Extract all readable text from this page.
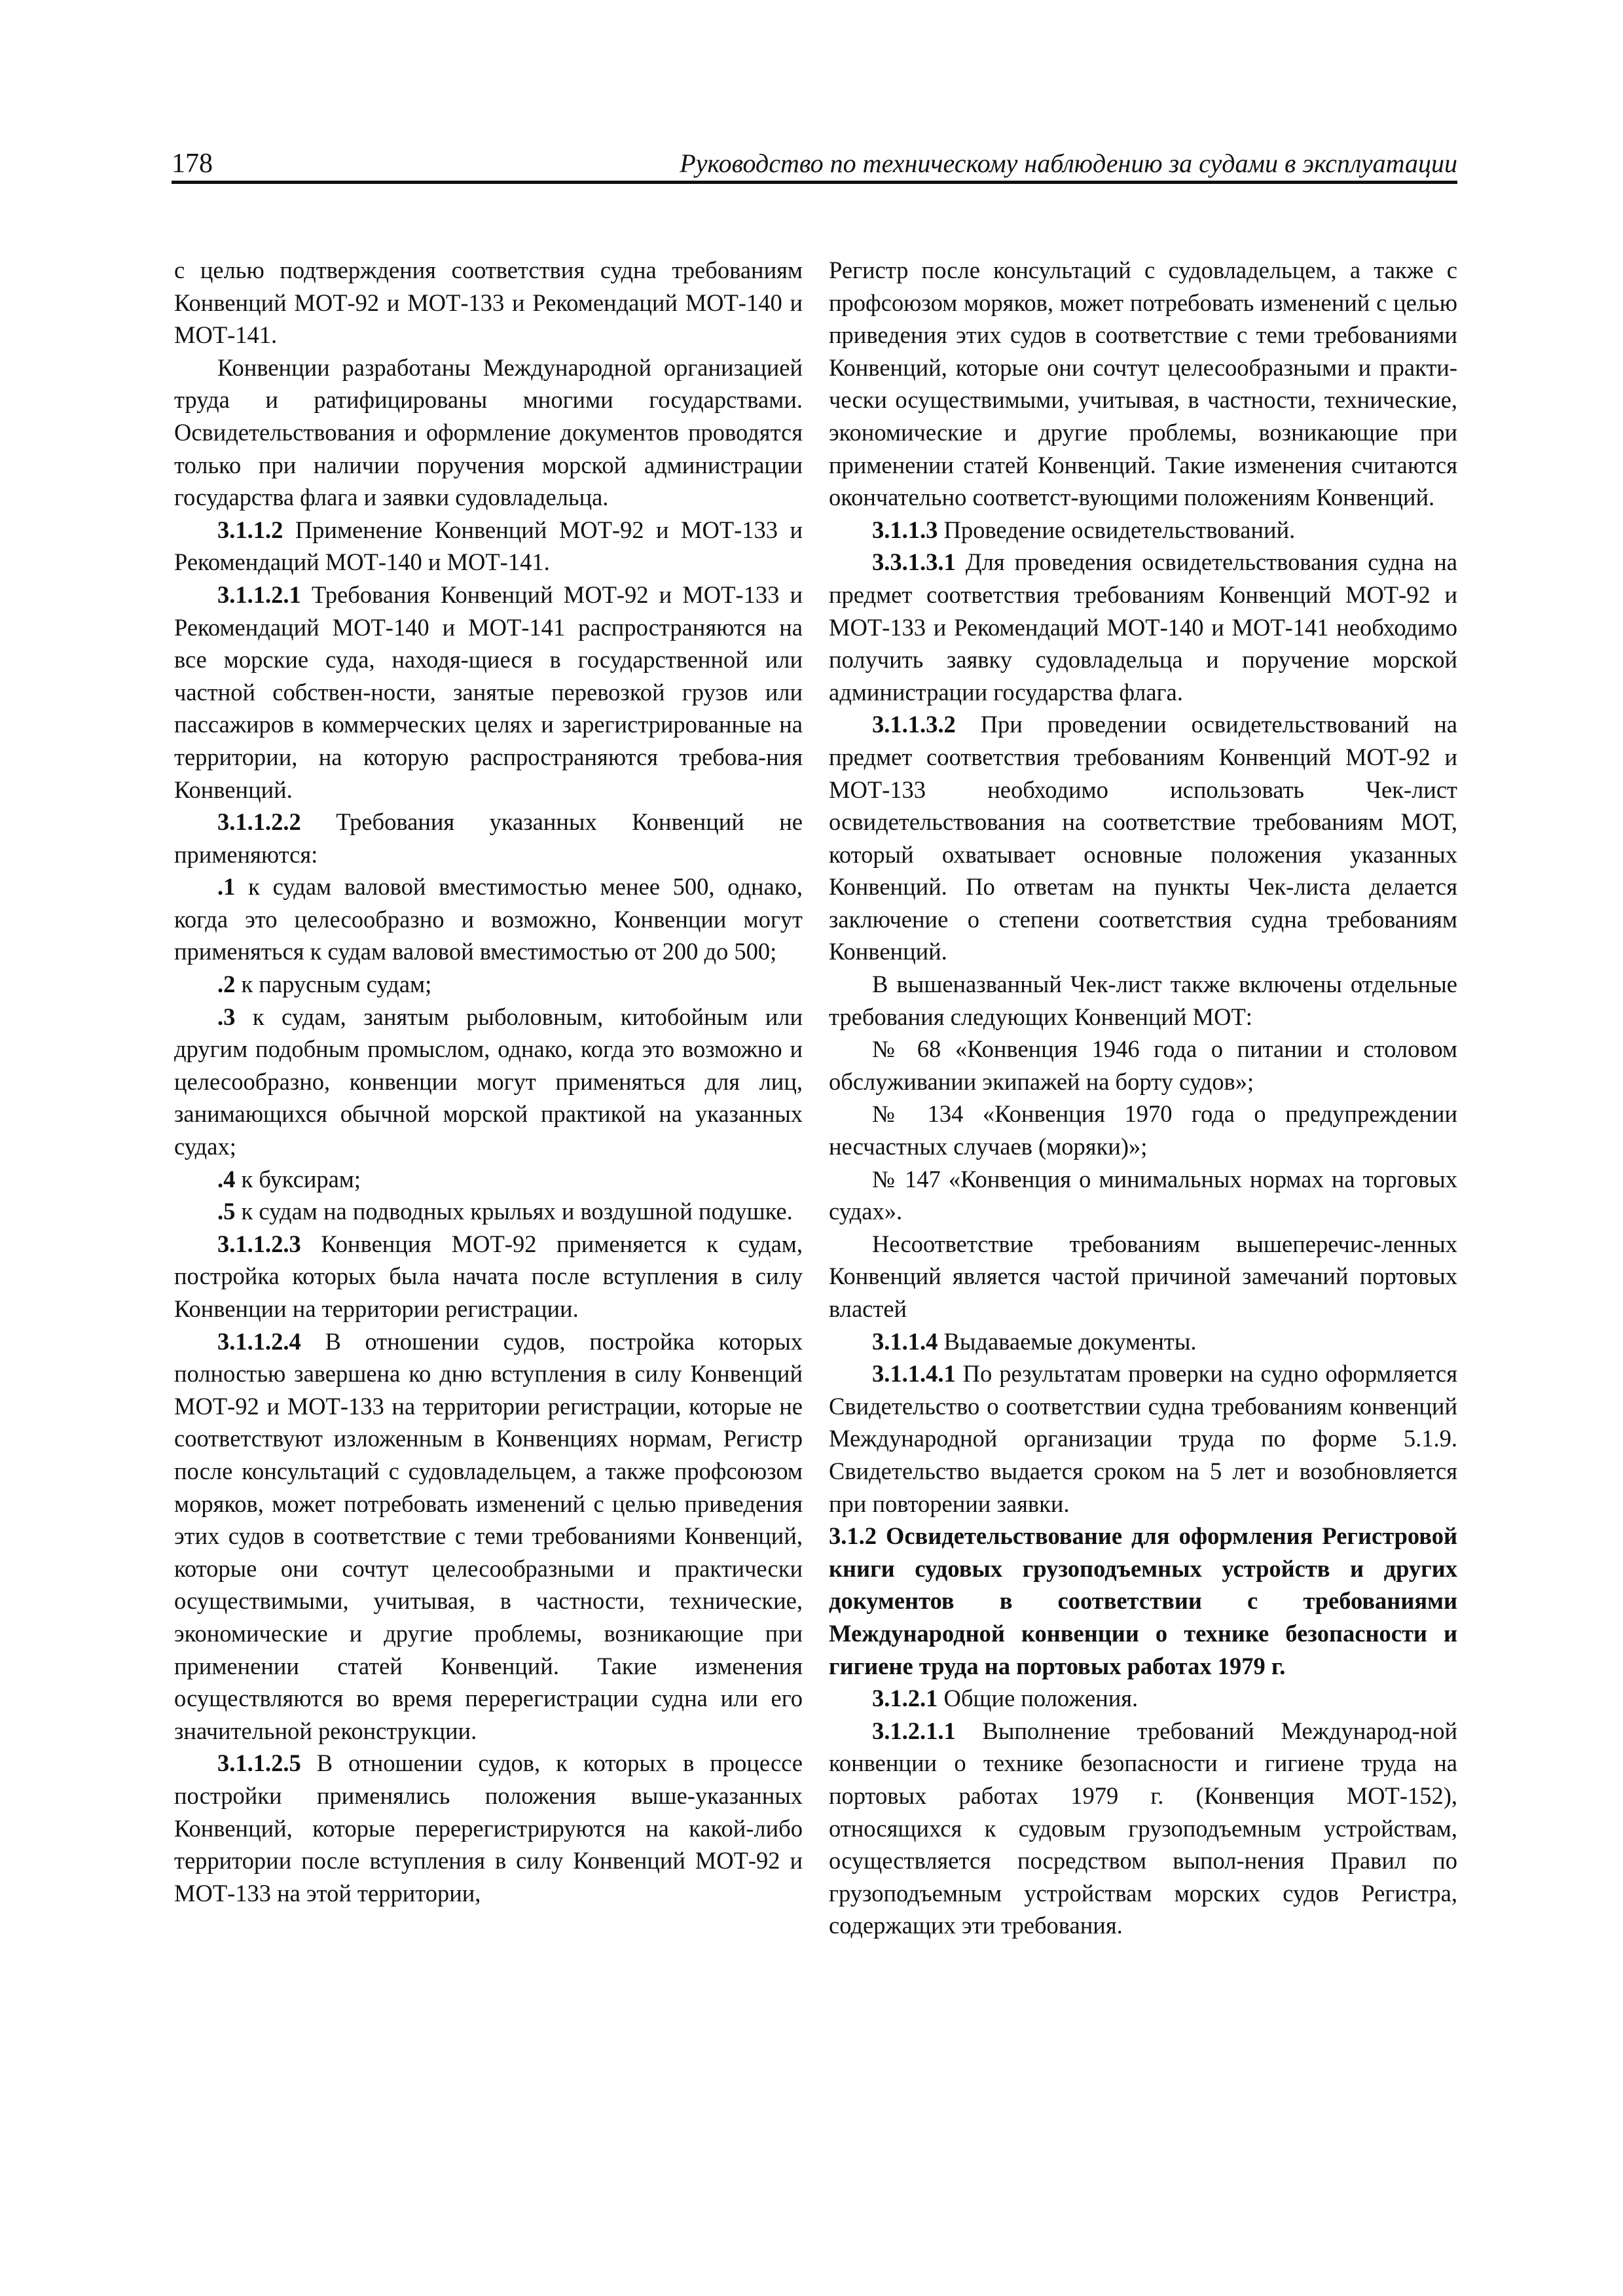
178	Руководство по техническому наблюдению за судами в эксплуатации

с целью подтверждения соответствия судна требованиям Конвенций МОТ-92 и МОТ-133 и Рекомендаций МОТ-140 и МОТ-141.

Конвенции разработаны Международной организацией труда и ратифицированы многими государствами. Освидетельствования и оформление документов проводятся только при наличии поручения морской администрации государства флага и заявки судовладельца.

3.1.1.2 Применение Конвенций МОТ-92 и МОТ-133 и Рекомендаций МОТ-140 и МОТ-141.

3.1.1.2.1 Требования Конвенций МОТ-92 и МОТ-133 и Рекомендаций МОТ-140 и МОТ-141 распространяются на все морские суда, находя-щиеся в государственной или частной собствен-ности, занятые перевозкой грузов или пассажиров в коммерческих целях и зарегистрированные на территории, на которую распространяются требова-ния Конвенций.

3.1.1.2.2 Требования указанных Конвенций не применяются:

.1 к судам валовой вместимостью менее 500, однако, когда это целесообразно и возможно, Конвенции могут применяться к судам валовой вместимостью от 200 до 500;

.2 к парусным судам;

.3 к судам, занятым рыболовным, китобойным или другим подобным промыслом, однако, когда это возможно и целесообразно, конвенции могут применяться для лиц, занимающихся обычной морской практикой на указанных судах;

.4 к буксирам;

.5 к судам на подводных крыльях и воздушной подушке.

3.1.1.2.3 Конвенция МОТ-92 применяется к судам, постройка которых была начата после вступления в силу Конвенции на территории регистрации.

3.1.1.2.4 В отношении судов, постройка которых полностью завершена ко дню вступления в силу Конвенций МОТ-92 и МОТ-133 на территории регистрации, которые не соответствуют изложенным в Конвенциях нормам, Регистр после консультаций с судовладельцем, а также профсоюзом моряков, может потребовать изменений с целью приведения этих судов в соответствие с теми требованиями Конвенций, которые они сочтут целесообразными и практически осуществимыми, учитывая, в частности, технические, экономические и другие проблемы, возникающие при применении статей Конвенций. Такие изменения осуществляются во время перерегистрации судна или его значительной реконструкции.

3.1.1.2.5 В отношении судов, к которых в процессе постройки применялись положения выше-указанных Конвенций, которые перерегистрируются на какой-либо территории после вступления в силу Конвенций МОТ-92 и МОТ-133 на этой территории,

Регистр после консультаций с судовладельцем, а также с профсоюзом моряков, может потребовать изменений с целью приведения этих судов в соответствие с теми требованиями Конвенций, которые они сочтут целесообразными и практи-чески осуществимыми, учитывая, в частности, технические, экономические и другие проблемы, возникающие при применении статей Конвенций. Такие изменения считаются окончательно соответст-вующими положениям Конвенций.

3.1.1.3 Проведение освидетельствований.

3.3.1.3.1 Для проведения освидетельствования судна на предмет соответствия требованиям Конвенций МОТ-92 и МОТ-133 и Рекомендаций МОТ-140 и МОТ-141 необходимо получить заявку судовладельца и поручение морской администрации государства флага.

3.1.1.3.2 При проведении освидетельствований на предмет соответствия требованиям Конвенций МОТ-92 и МОТ-133 необходимо использовать Чек-лист освидетельствования на соответствие требованиям МОТ, который охватывает основные положения указанных Конвенций. По ответам на пункты Чек-листа делается заключение о степени соответствия судна требованиям Конвенций.

В вышеназванный Чек-лист также включены отдельные требования следующих Конвенций МОТ:

№ 68 «Конвенция 1946 года о питании и столовом обслуживании экипажей на борту судов»;

№ 134 «Конвенция 1970 года о предупреждении несчастных случаев (моряки)»;

№ 147 «Конвенция о минимальных нормах на торговых судах».

Несоответствие требованиям вышеперечис-ленных Конвенций является частой причиной замечаний портовых властей

3.1.1.4 Выдаваемые документы.

3.1.1.4.1 По результатам проверки на судно оформляется Свидетельство о соответствии судна требованиям конвенций Международной организации труда по форме 5.1.9. Свидетельство выдается сроком на 5 лет и возобновляется при повторении заявки.

3.1.2 Освидетельствование для оформления Регистровой книги судовых грузоподъемных устройств и других документов в соответствии с требованиями Международной конвенции о технике безопасности и гигиене труда на портовых работах 1979 г.

3.1.2.1 Общие положения.

3.1.2.1.1 Выполнение требований Международ-ной конвенции о технике безопасности и гигиене труда на портовых работах 1979 г. (Конвенция МОТ-152), относящихся к судовым грузоподъемным устройствам, осуществляется посредством выпол-нения Правил по грузоподъемным устройствам морских судов Регистра, содержащих эти требования.
